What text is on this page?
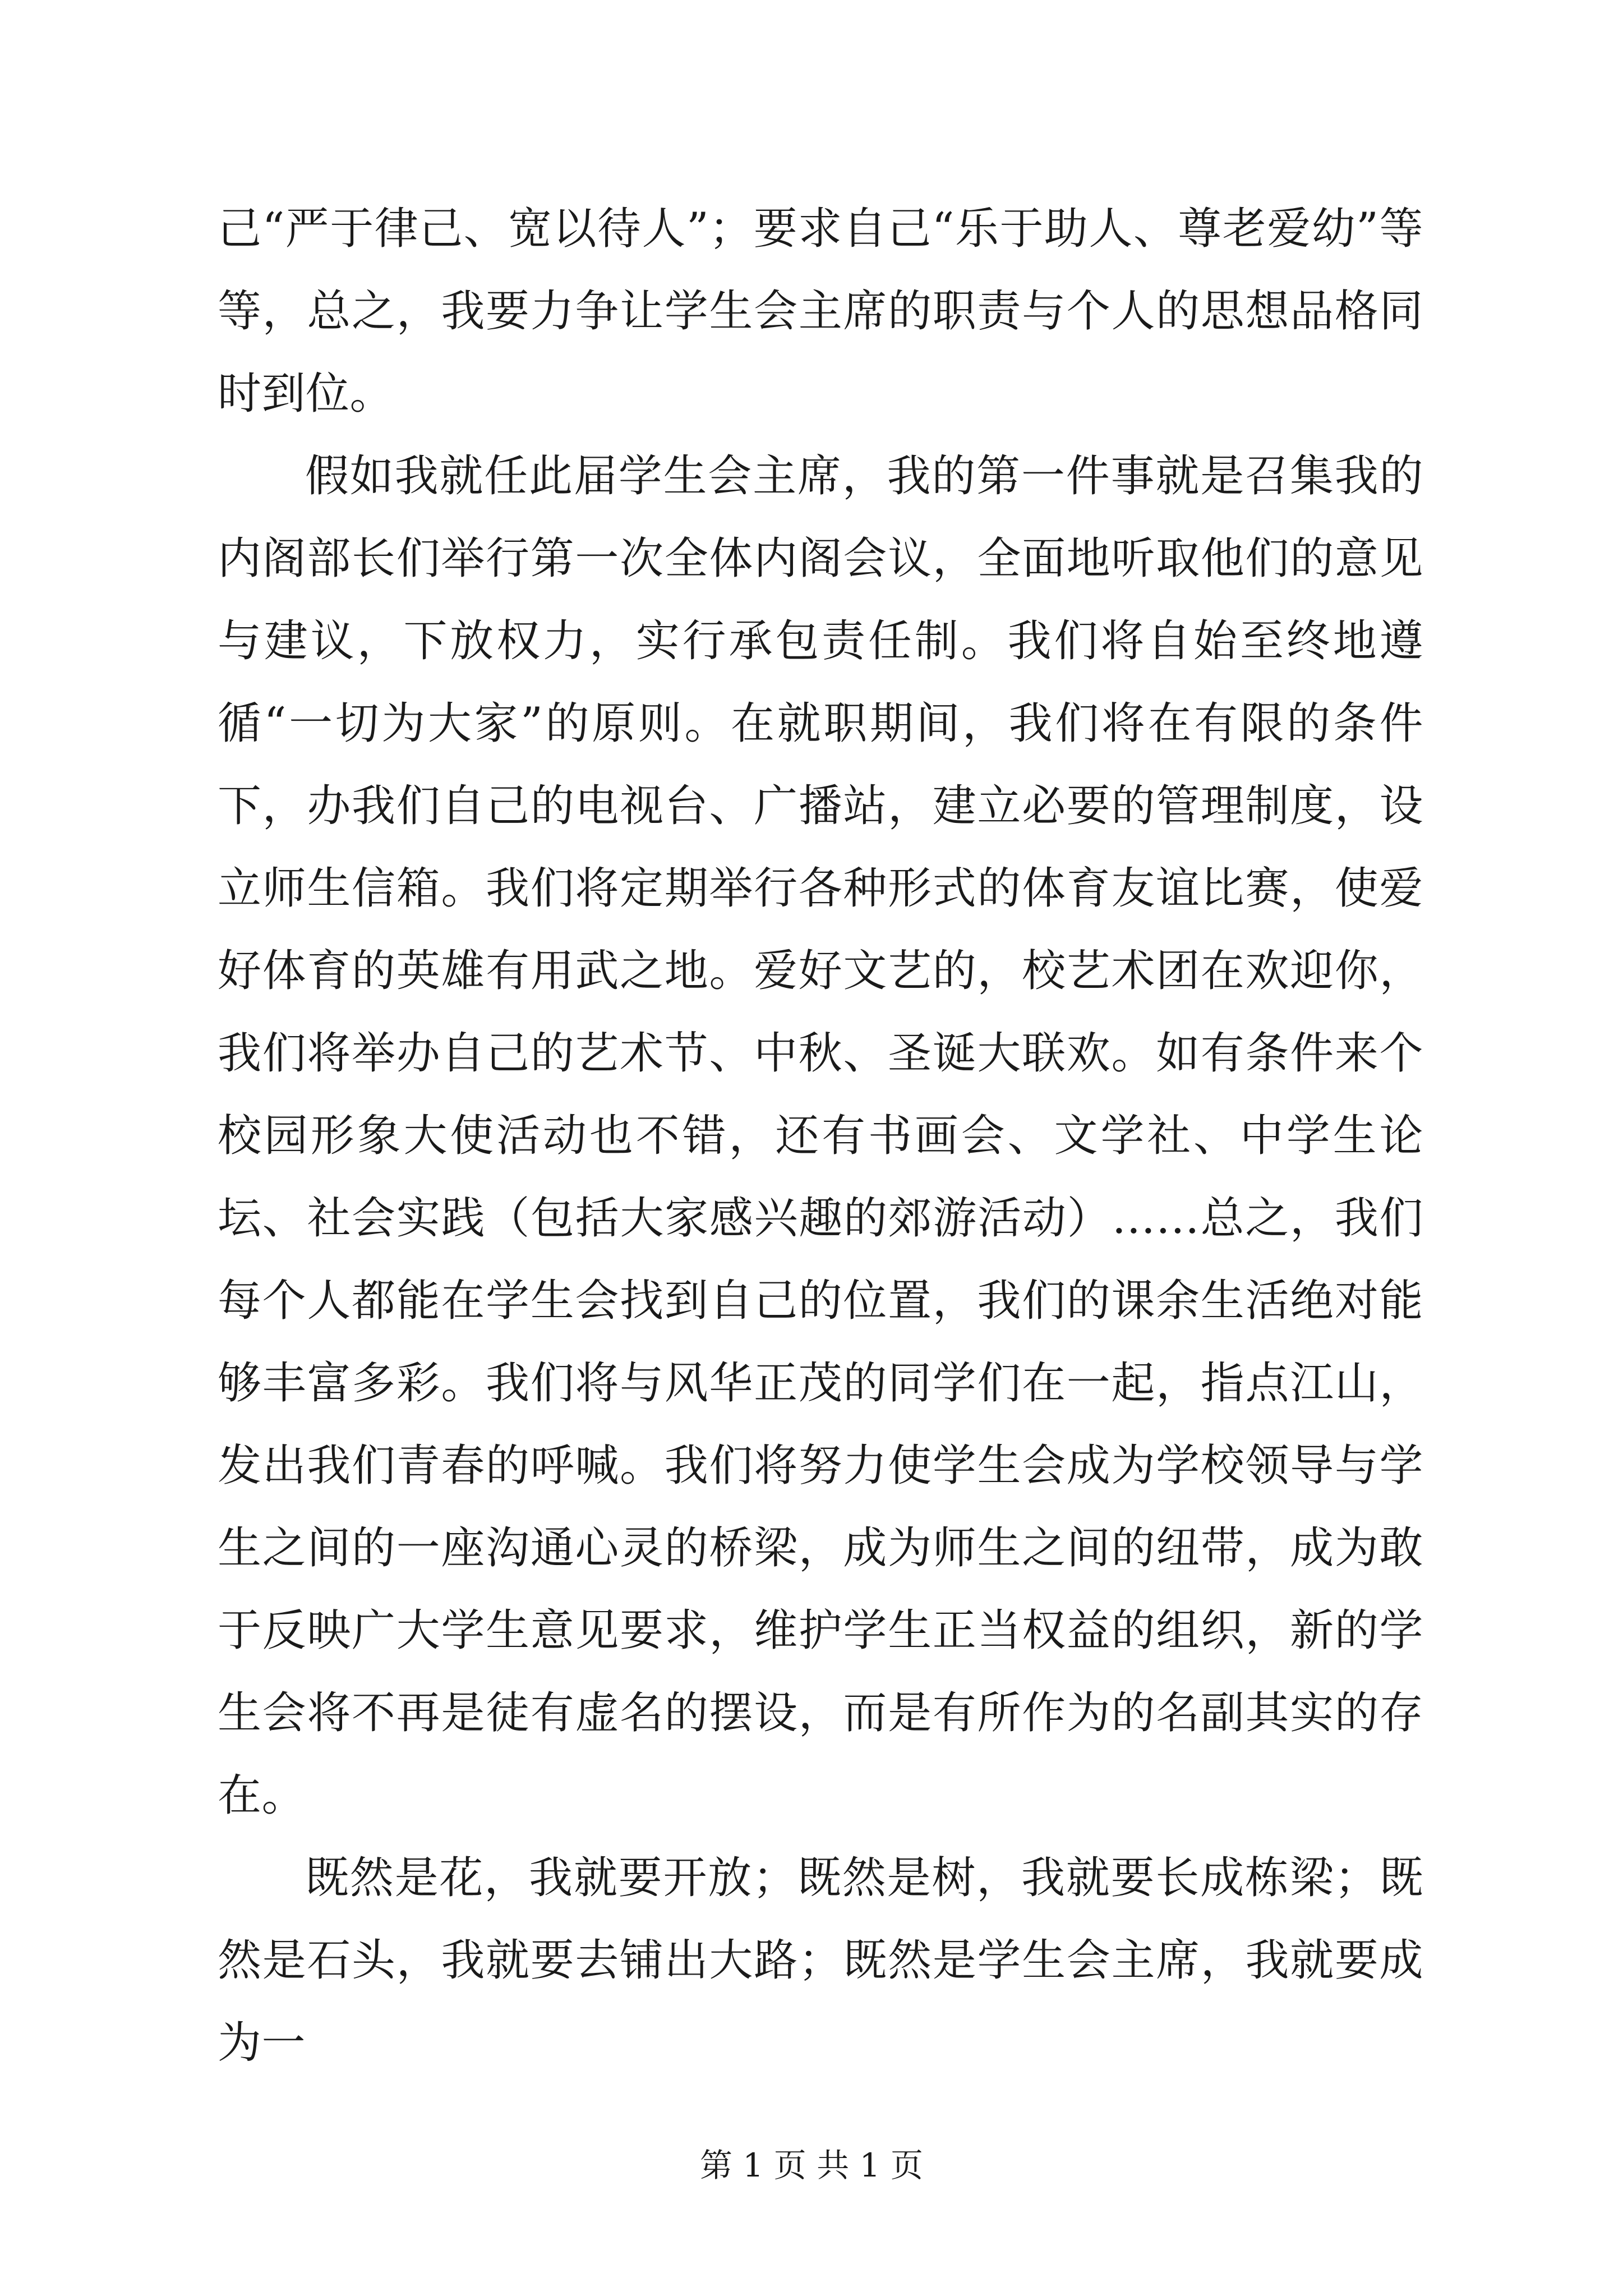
己“严于律己、宽以待人”；要求自己“乐于助人、尊老爱幼”等等，总之，我要力争让学生会主席的职责与个人的思想品格同时到位。

假如我就任此届学生会主席，我的第一件事就是召集我的内阁部长们举行第一次全体内阁会议，全面地听取他们的意见与建议，下放权力，实行承包责任制。我们将自始至终地遵循“一切为大家”的原则。在就职期间，我们将在有限的条件下，办我们自己的电视台、广播站，建立必要的管理制度，设立师生信箱。我们将定期举行各种形式的体育友谊比赛，使爱好体育的英雄有用武之地。爱好文艺的，校艺术团在欢迎你，我们将举办自己的艺术节、中秋、圣诞大联欢。如有条件来个校园形象大使活动也不错，还有书画会、文学社、中学生论坛、社会实践（包括大家感兴趣的郊游活动）……总之，我们每个人都能在学生会找到自己的位置，我们的课余生活绝对能够丰富多彩。我们将与风华正茂的同学们在一起，指点江山，发出我们青春的呼喊。我们将努力使学生会成为学校领导与学生之间的一座沟通心灵的桥梁，成为师生之间的纽带，成为敢于反映广大学生意见要求，维护学生正当权益的组织，新的学生会将不再是徒有虚名的摆设，而是有所作为的名副其实的存在。

既然是花，我就要开放；既然是树，我就要长成栋梁；既然是石头，我就要去铺出大路；既然是学生会主席，我就要成为一

第 1 页 共 1 页
